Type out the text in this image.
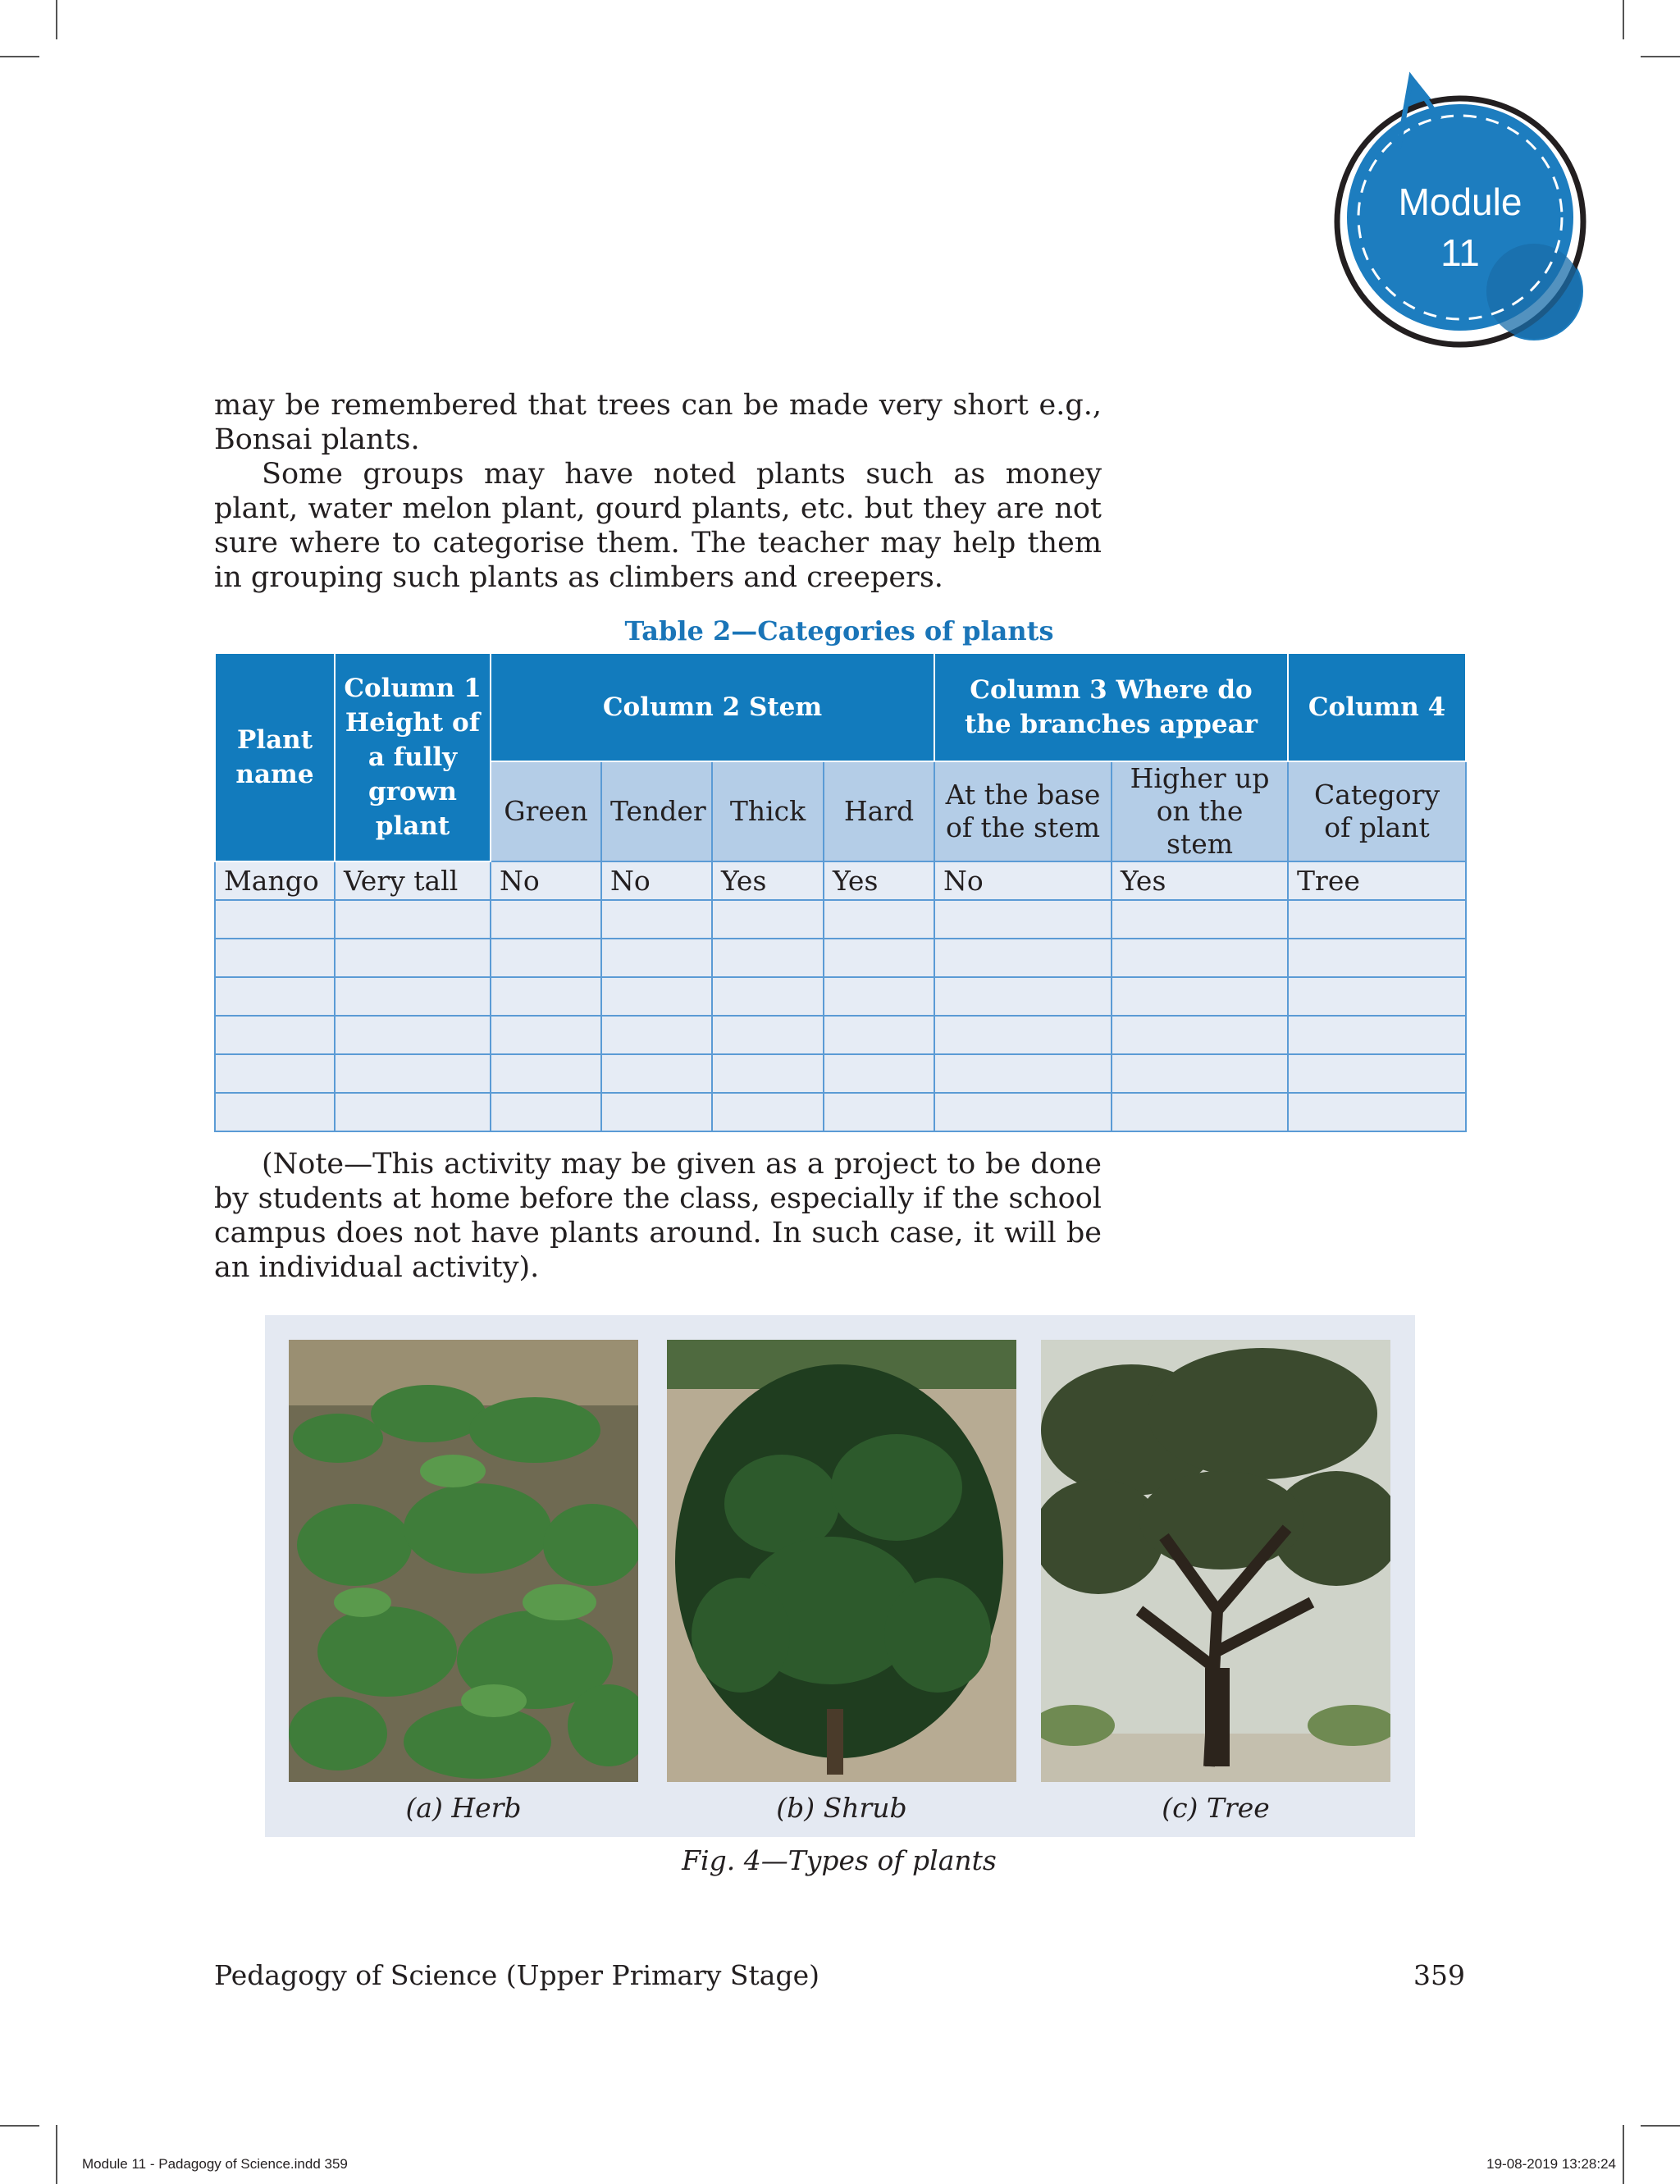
Module
11

may be remembered that trees can be made very short e.g., Bonsai plants.

Some groups may have noted plants such as money plant, water melon plant, gourd plants, etc. but they are not sure where to categorise them. The teacher may help them in grouping such plants as climbers and creepers.

Table 2—Categories of plants
Plant name	Column 1 Height of a fully grown plant	Column 2 Stem				Column 3 Where do the branches appear		Column 4
		Green	Tender	Thick	Hard	At the base of the stem	Higher up on the stem	Category of plant
Mango	Very tall	No	No	Yes	Yes	No	Yes	Tree

(Note—This activity may be given as a project to be done by students at home before the class, especially if the school campus does not have plants around. In such case, it will be an individual activity).

(a) Herb	(b) Shrub	(c) Tree
Fig. 4—Types of plants
Pedagogy of Science (Upper Primary Stage)	359
Module 11 - Padagogy of Science.indd 359	19-08-2019 13:28:24
